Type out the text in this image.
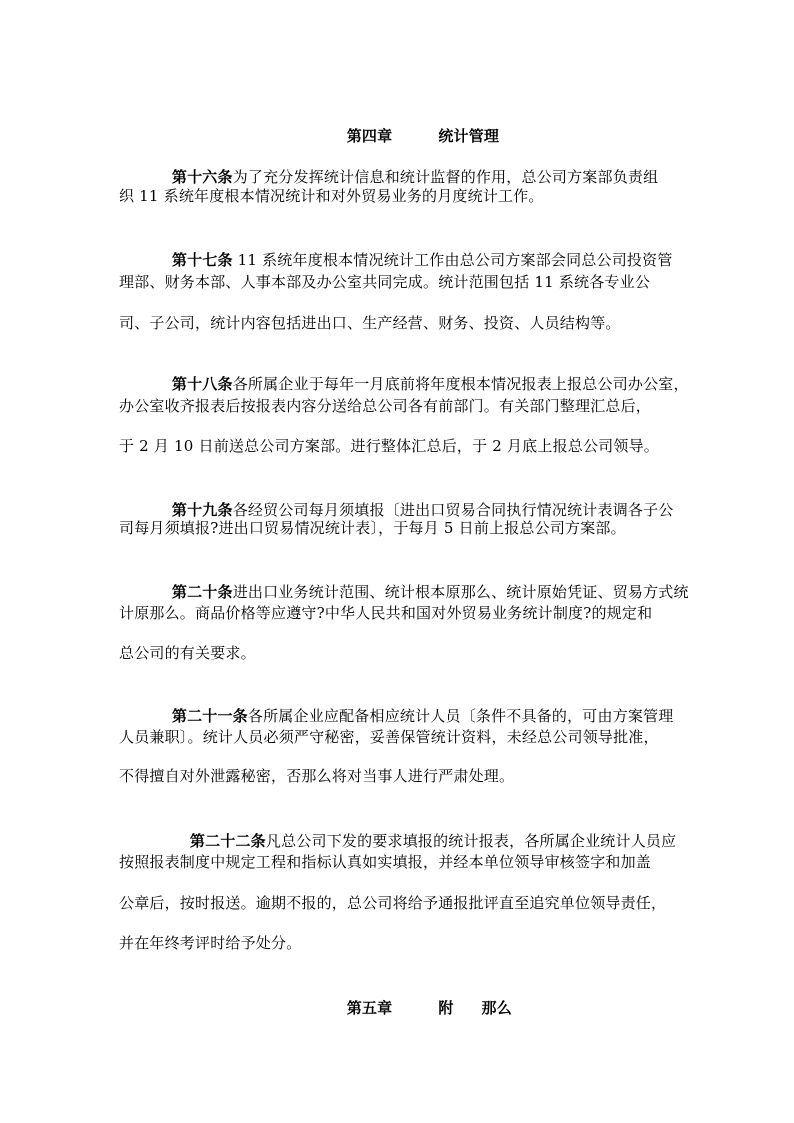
第四章	统计管理

第十六条为了充分发挥统计信息和统计监督的作用，总公司方案部负责组

织 11 系统年度根本情况统计和对外贸易业务的月度统计工作。

第十七条 11 系统年度根本情况统计工作由总公司方案部会同总公司投资管

理部、财务本部、人事本部及办公室共同完成。统计范围包括 11 系统各专业公
司、子公司，统计内容包括进出口、生产经营、财务、投资、人员结构等。

第十八条各所属企业于每年一月底前将年度根本情况报表上报总公司办公室，

办公室收齐报表后按报表内容分送给总公司各有前部门。有关部门整理汇总后，
于 2 月 10 日前送总公司方案部。进行整体汇总后，于 2 月底上报总公司领导。

第十九条各经贸公司每月须填报〔进出口贸易合同执行情况统计表调各子公

司每月须填报?进出口贸易情况统计表〕，于每月 5 日前上报总公司方案部。

第二十条进出口业务统计范围、统计根本原那么、统计原始凭证、贸易方式统

计原那么。商品价格等应遵守?中华人民共和国对外贸易业务统计制度?的规定和
总公司的有关要求。

第二十一条各所属企业应配备相应统计人员〔条件不具备的，可由方案管理

人员兼职〕。统计人员必须严守秘密，妥善保管统计资料，未经总公司领导批准，
不得擅自对外泄露秘密，否那么将对当事人进行严肃处理。

第二十二条凡总公司下发的要求填报的统计报表，各所属企业统计人员应

按照报表制度中规定工程和指标认真如实填报，并经本单位领导审核签字和加盖
公章后，按时报送。逾期不报的，总公司将给予通报批评直至追究单位领导责任，
并在年终考评时给予处分。

第五章	附 那么
